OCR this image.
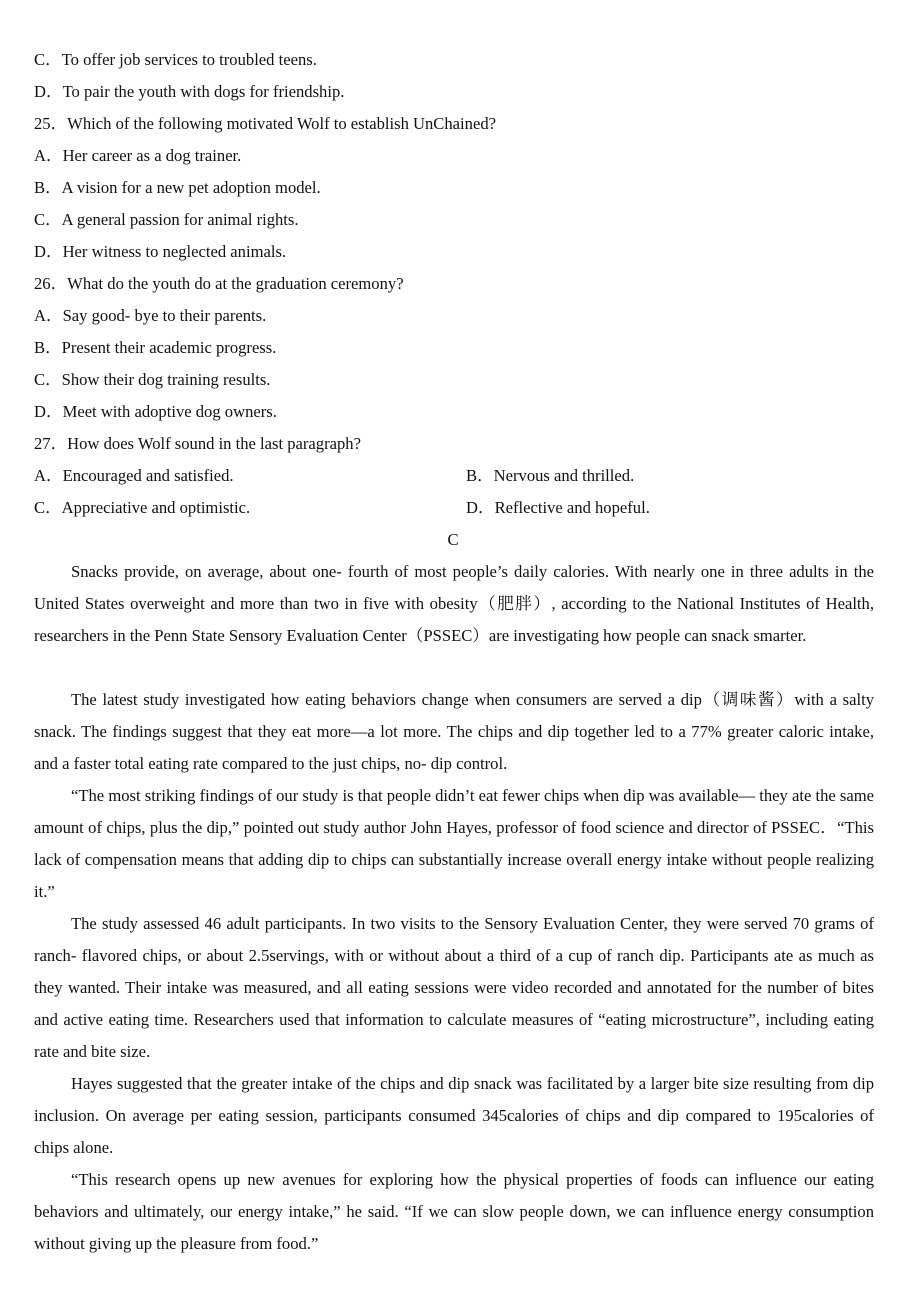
C．To offer job services to troubled teens.
D．To pair the youth with dogs for friendship.
25．Which of the following motivated Wolf to establish UnChained?
A．Her career as a dog trainer.
B．A vision for a new pet adoption model.
C．A general passion for animal rights.
D．Her witness to neglected animals.
26．What do the youth do at the graduation ceremony?
A．Say good- bye to their parents.
B．Present their academic progress.
C．Show their dog training results.
D．Meet with adoptive dog owners.
27．How does Wolf sound in the last paragraph?
A．Encouraged and satisfied.	B．Nervous and thrilled.
C．Appreciative and optimistic.	D．Reflective and hopeful.
C
Snacks provide, on average, about one- fourth of most people’s daily calories. With nearly one in three adults in the United States overweight and more than two in five with obesity（肥胖）, according to the National Institutes of Health, researchers in the Penn State Sensory Evaluation Center（PSSEC）are investigating how people can snack smarter.
The latest study investigated how eating behaviors change when consumers are served a dip（调味酱）with a salty snack. The findings suggest that they eat more—a lot more. The chips and dip together led to a 77% greater caloric intake, and a faster total eating rate compared to the just chips, no- dip control.
“The most striking findings of our study is that people didn’t eat fewer chips when dip was available— they ate the same amount of chips, plus the dip,” pointed out study author John Hayes, professor of food science and director of PSSEC．“This lack of compensation means that adding dip to chips can substantially increase overall energy intake without people realizing it.”
The study assessed 46 adult participants. In two visits to the Sensory Evaluation Center, they were served 70 grams of ranch- flavored chips, or about 2.5servings, with or without about a third of a cup of ranch dip. Participants ate as much as they wanted. Their intake was measured, and all eating sessions were video recorded and annotated for the number of bites and active eating time. Researchers used that information to calculate measures of “eating microstructure”, including eating rate and bite size.
Hayes suggested that the greater intake of the chips and dip snack was facilitated by a larger bite size resulting from dip inclusion. On average per eating session, participants consumed 345calories of chips and dip compared to 195calories of chips alone.
“This research opens up new avenues for exploring how the physical properties of foods can influence our eating behaviors and ultimately, our energy intake,” he said. “If we can slow people down, we can influence energy consumption without giving up the pleasure from food.”
